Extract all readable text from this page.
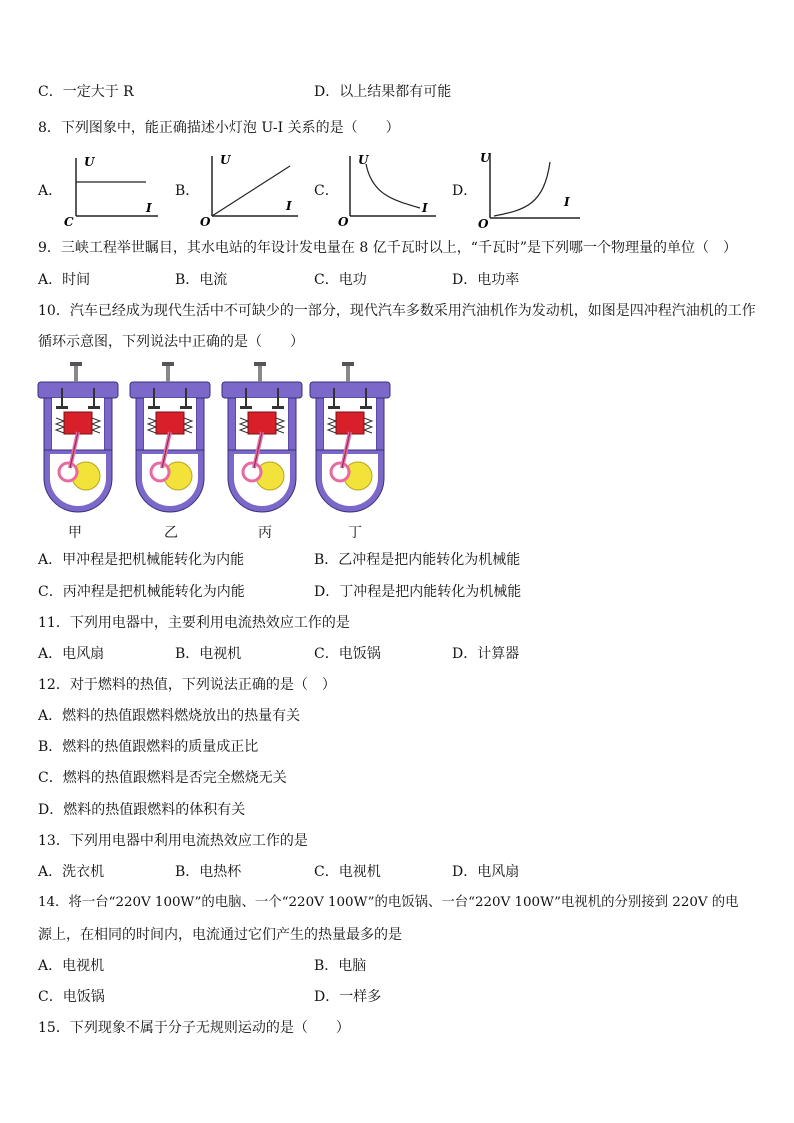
C．一定大于 R	D．以上结果都有可能
8．下列图象中，能正确描述小灯泡 U-I 关系的是（　　）
A．	B．	C．	D．
U
I
C
U
I
O
U
I
O
U
I
O
9．三峡工程举世瞩目，其水电站的年设计发电量在 8 亿千瓦时以上，“千瓦时”是下列哪一个物理量的单位（　）
A．时间	B．电流	C．电功	D．电功率
10．汽车已经成为现代生活中不可缺少的一部分，现代汽车多数采用汽油机作为发动机，如图是四冲程汽油机的工作
循环示意图，下列说法中正确的是（　　）
甲	乙	丙	丁
A．甲冲程是把机械能转化为内能	B．乙冲程是把内能转化为机械能
C．丙冲程是把机械能转化为内能	D．丁冲程是把内能转化为机械能
11．下列用电器中，主要利用电流热效应工作的是
A．电风扇	B．电视机	C．电饭锅	D．计算器
12．对于燃料的热值，下列说法正确的是（　）
A．燃料的热值跟燃料燃烧放出的热量有关
B．燃料的热值跟燃料的质量成正比
C．燃料的热值跟燃料是否完全燃烧无关
D．燃料的热值跟燃料的体积有关
13．下列用电器中利用电流热效应工作的是
A．洗衣机	B．电热杯	C．电视机	D．电风扇
14．将一台“220V 100W”的电脑、一个“220V 100W”的电饭锅、一台“220V 100W”电视机的分别接到 220V 的电
源上，在相同的时间内，电流通过它们产生的热量最多的是
A．电视机	B．电脑
C．电饭锅	D．一样多
15．下列现象不属于分子无规则运动的是（　　）
